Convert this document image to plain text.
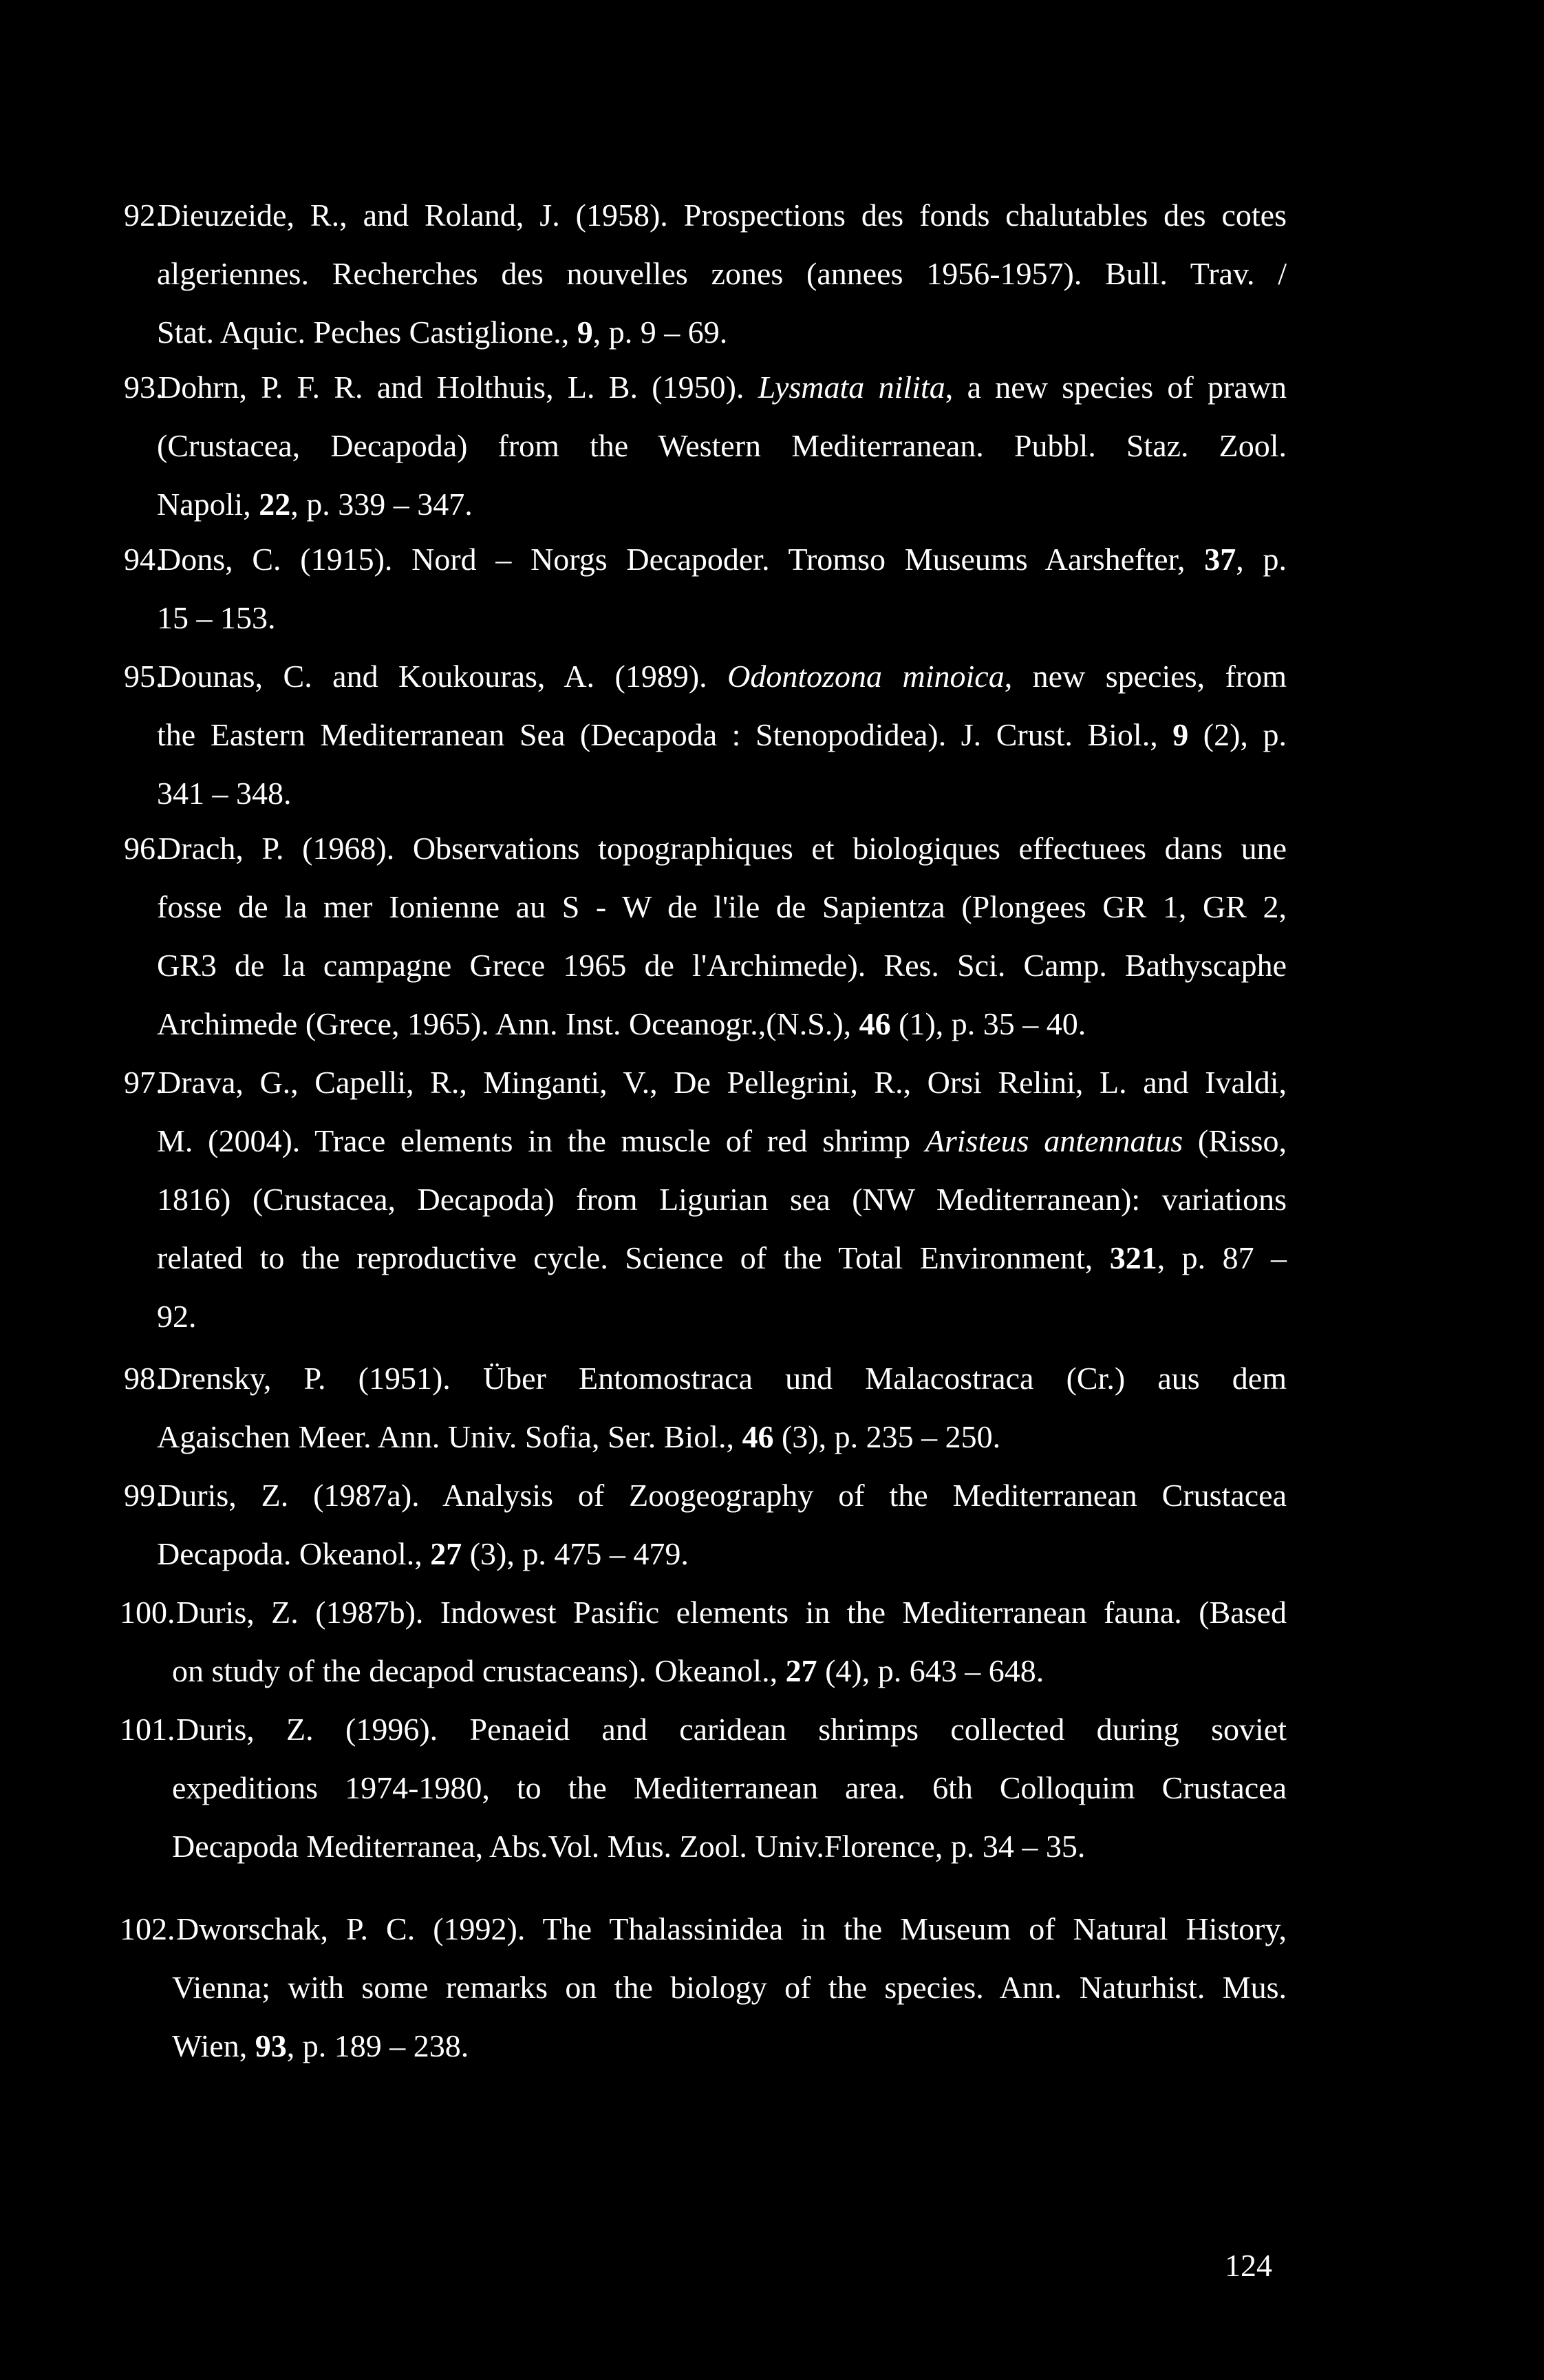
92.
Dieuzeide, R., and Roland, J. (1958). Prospections des fonds chalutables des cotes
algeriennes. Recherches des nouvelles zones (annees 1956-1957). Bull. Trav. /
Stat. Aquic. Peches Castiglione., 9, p. 9 – 69.
93.
Dohrn, P. F. R. and Holthuis, L. B. (1950). Lysmata nilita, a new species of prawn
(Crustacea, Decapoda) from the Western Mediterranean. Pubbl. Staz. Zool.
Napoli, 22, p. 339 – 347.
94.
Dons, C. (1915). Nord – Norgs Decapoder. Tromso Museums Aarshefter, 37, p.
15 – 153.
95.
Dounas, C. and Koukouras, A. (1989). Odontozona minoica, new species, from
the Eastern Mediterranean Sea (Decapoda : Stenopodidea). J. Crust. Biol., 9 (2), p.
341 – 348.
96.
Drach, P. (1968). Observations topographiques et biologiques effectuees dans une
fosse de la mer Ionienne au S - W de l'ile de Sapientza (Plongees GR 1, GR 2,
GR3 de la campagne Grece 1965 de l'Archimede). Res. Sci. Camp. Bathyscaphe
Archimede (Grece, 1965). Ann. Inst. Oceanogr.,(N.S.), 46 (1), p. 35 – 40.
97.
Drava, G., Capelli, R., Minganti, V., De Pellegrini, R., Orsi Relini, L. and Ivaldi,
M. (2004). Trace elements in the muscle of red shrimp Aristeus antennatus (Risso,
1816) (Crustacea, Decapoda) from Ligurian sea (NW Mediterranean): variations
related to the reproductive cycle. Science of the Total Environment, 321, p. 87 –
92.
98.
Drensky, P. (1951). Über Entomostraca und Malacostraca (Cr.) aus dem
Agaischen Meer. Ann. Univ. Sofia, Ser. Biol., 46 (3), p. 235 – 250.
99.
Duris, Z. (1987a). Analysis of Zoogeography of the Mediterranean Crustacea
Decapoda. Okeanol., 27 (3), p. 475 – 479.
100. Duris, Z. (1987b). Indowest Pasific elements in the Mediterranean fauna. (Based
on study of the decapod crustaceans). Okeanol., 27 (4), p. 643 – 648.
101. Duris, Z. (1996). Penaeid and caridean shrimps collected during soviet
expeditions 1974-1980, to the Mediterranean area. 6th Colloquim Crustacea
Decapoda Mediterranea, Abs.Vol. Mus. Zool. Univ.Florence, p. 34 – 35.
102. Dworschak, P. C. (1992). The Thalassinidea in the Museum of Natural History,
Vienna; with some remarks on the biology of the species. Ann. Naturhist. Mus.
Wien, 93, p. 189 – 238.
124
